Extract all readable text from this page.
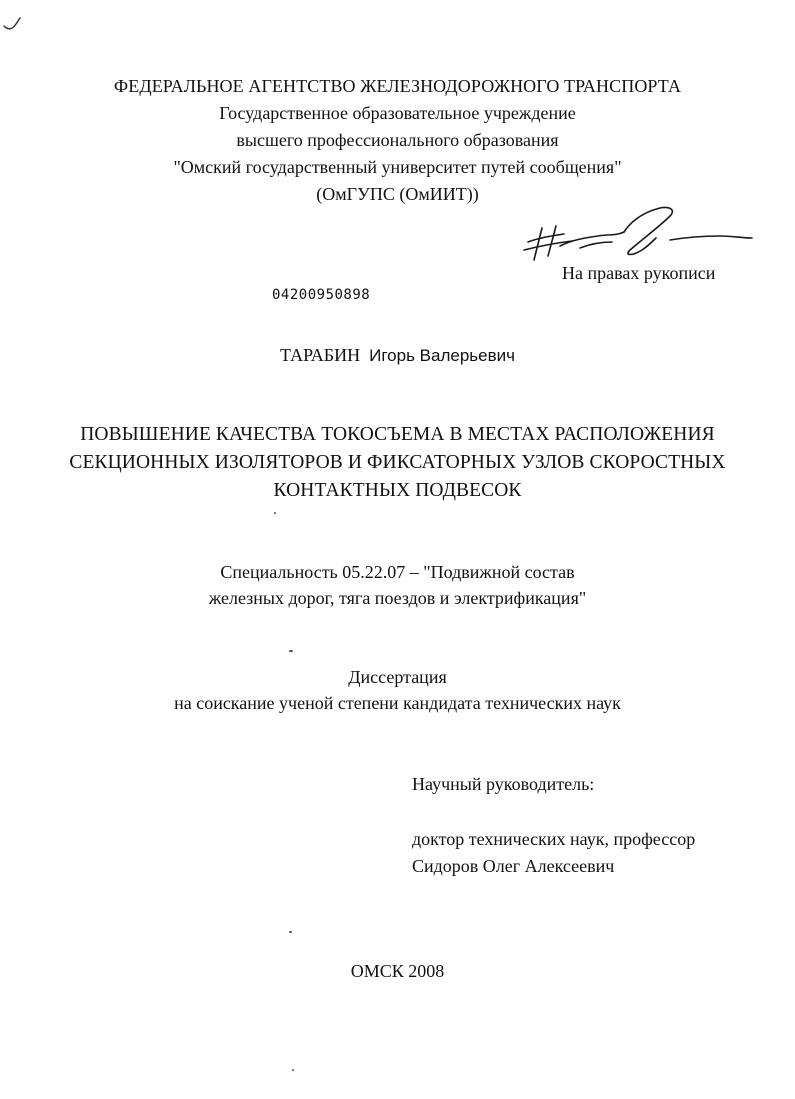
ФЕДЕРАЛЬНОЕ АГЕНТСТВО ЖЕЛЕЗНОДОРОЖНОГО ТРАНСПОРТА
Государственное образовательное учреждение
высшего профессионального образования
"Омский государственный университет путей сообщения"
(ОмГУПС (ОмИИТ))
На правах рукописи
04200950898
ТАРАБИН Игорь Валерьевич
ПОВЫШЕНИЕ КАЧЕСТВА ТОКОСЪЕМА В МЕСТАХ РАСПОЛОЖЕНИЯ
СЕКЦИОННЫХ ИЗОЛЯТОРОВ И ФИКСАТОРНЫХ УЗЛОВ СКОРОСТНЫХ
КОНТАКТНЫХ ПОДВЕСОК
Специальность 05.22.07 – "Подвижной состав
железных дорог, тяга поездов и электрификация"
Диссертация
на соискание ученой степени кандидата технических наук
Научный руководитель:
доктор технических наук, профессор
Сидоров Олег Алексеевич
ОМСК 2008
